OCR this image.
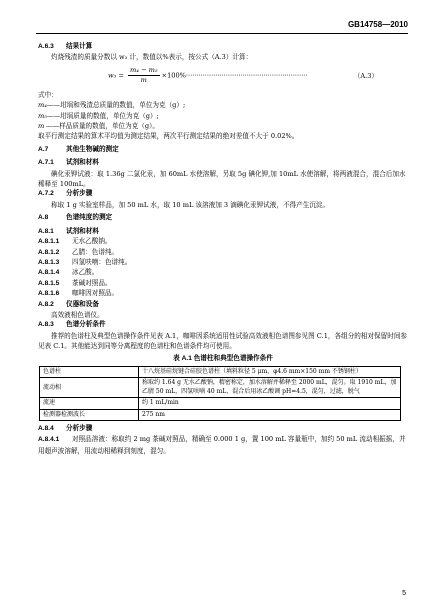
GB14758—2010

A.6.3 结果计算

灼烧残渣的质量分数以 w₃ 计，数值以%表示，按公式（A.3）计算：

$w_3 = \frac{\text{m₄ − m₅}}{m} \times 100\%\cdot\cdot\cdot\cdot\cdot\cdot\cdot\cdot\cdot\cdot\cdot\cdot\cdot\cdot\cdot\cdot\cdot\cdot\cdot\cdot\cdot\cdot\cdot\cdot\cdot\cdot\cdot\cdot\cdot\cdot\cdot\cdot\cdot\cdot\cdot\cdot\cdot\cdot\cdot\cdot\cdot\cdot\cdot\cdot\cdot\cdot\cdot\cdot\cdot\cdot\cdot\cdot\cdot\cdot\cdot\cdot\cdot\cdot$	（A.3）

式中：

m₄——坩埚和残渣总质量的数值，单位为克（g）;

m₅——坩埚质量的数值，单位为克（g）;

m ——样品质量的数值，单位为克（g）。

取平行测定结果的算术平均值为测定结果，两次平行测定结果的绝对差值不大于 0.02%。

A.7	其他生物碱的测定

A.7.1 试剂和材料

碘化汞钾试液：取 1.36g 二氯化汞，加 60mL 水使溶解，另取 5g 碘化钾,加 10mL 水使溶解，将两液混合，混合后加水稀释至 100mL。

A.7.2 分析步骤

称取 1 g 实验室样品，加 50 mL 水，取 10 mL 该溶液加 3 滴碘化汞钾试液，不得产生沉淀。

A.8	色谱纯度的测定

A.8.1 试剂和材料

A.8.1.1 无水乙酸钠。

A.8.1.2 乙腈：色谱纯。

A.8.1.3 四氢呋喃：色谱纯。

A.8.1.4 冰乙酸。

A.8.1.5 茶碱对照品。

A.8.1.6 咖啡因对照品。

A.8.2 仪器和设备

高效液相色谱仪。

A.8.3 色谱分析条件

推荐的色谱柱及典型色谱操作条件见表 A.1，咖啡因系统适用性试验高效液相色谱图参见图 C.1，各组分的相对保留时间参见表 C.1。其他能达到同等分离程度的色谱柱和色谱条件均可使用。

表 A.1 色谱柱和典型色谱操作条件

色谱柱	十八烷基硅烷键合硅胶色谱柱（填料粒径 5 μm，φ4.6 mm×150 mm 不锈钢柱）
流动相	称取约 1.64 g 无水乙酸钠，精密称定，加水溶解并稀释至 2000 mL，混匀。取 1910 mL，加乙腈 50 mL，四氢呋喃 40 mL，混合后用冰乙酸调 pH=4.5，混匀，过滤，脱气
流速	约 1 mL/min
检测器检测波长	275 nm

A.8.4 分析步骤

A.8.4.1 对照品溶液：称取约 2 mg 茶碱对照品，精确至 0.000 1 g，置 100 mL 容量瓶中，加约 50 mL 流动相振摇，并用超声波溶解，用流动相稀释到刻度，混匀。

5
